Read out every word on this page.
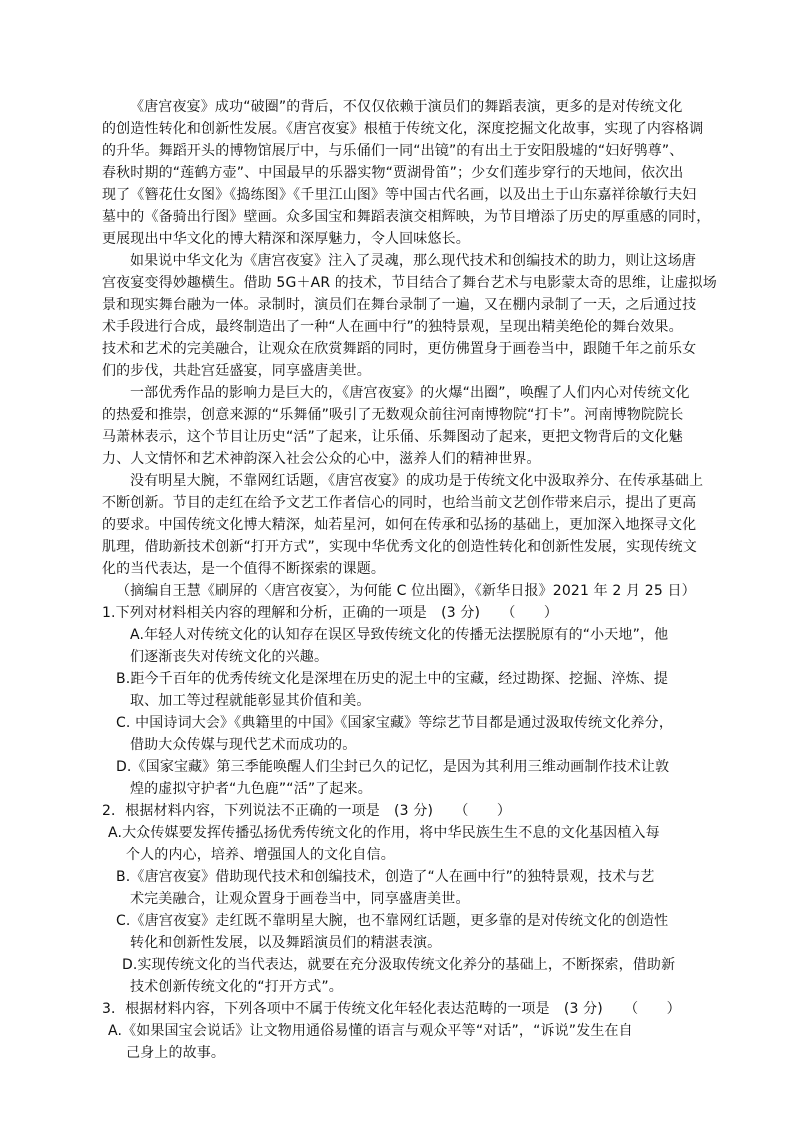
《唐宫夜宴》成功“破圈”的背后，不仅仅依赖于演员们的舞蹈表演，更多的是对传统文化
的创造性转化和创新性发展。《唐宫夜宴》根植于传统文化，深度挖掘文化故事，实现了内容格调
的升华。舞蹈开头的博物馆展厅中，与乐俑们一同“出镜”的有出土于安阳殷墟的“妇好鸮尊”、
春秋时期的“莲鹤方壶”、中国最早的乐器实物“贾湖骨笛”；少女们莲步穿行的天地间，依次出
现了《簪花仕女图》《捣练图》《千里江山图》等中国古代名画，以及出土于山东嘉祥徐敏行夫妇
墓中的《备骑出行图》壁画。众多国宝和舞蹈表演交相辉映，为节目增添了历史的厚重感的同时，
更展现出中华文化的博大精深和深厚魅力，令人回味悠长。
如果说中华文化为《唐宫夜宴》注入了灵魂，那么现代技术和创编技术的助力，则让这场唐
宫夜宴变得妙趣横生。借助 5G＋AR 的技术，节目结合了舞台艺术与电影蒙太奇的思维，让虚拟场
景和现实舞台融为一体。录制时，演员们在舞台录制了一遍，又在棚内录制了一天，之后通过技
术手段进行合成，最终制造出了一种“人在画中行”的独特景观，呈现出精美绝伦的舞台效果。
技术和艺术的完美融合，让观众在欣赏舞蹈的同时，更仿佛置身于画卷当中，跟随千年之前乐女
们的步伐，共赴宫廷盛宴，同享盛唐美世。
一部优秀作品的影响力是巨大的，《唐宫夜宴》的火爆“出圈”，唤醒了人们内心对传统文化
的热爱和推崇，创意来源的“乐舞俑”吸引了无数观众前往河南博物院“打卡”。河南博物院院长
马萧林表示，这个节目让历史“活”了起来，让乐俑、乐舞图动了起来，更把文物背后的文化魅
力、人文情怀和艺术神韵深入社会公众的心中，滋养人们的精神世界。
没有明星大腕，不靠网红话题，《唐宫夜宴》的成功是于传统文化中汲取养分、在传承基础上
不断创新。节目的走红在给予文艺工作者信心的同时，也给当前文艺创作带来启示，提出了更高
的要求。中国传统文化博大精深，灿若星河，如何在传承和弘扬的基础上，更加深入地探寻文化
肌理，借助新技术创新“打开方式”，实现中华优秀文化的创造性转化和创新性发展，实现传统文
化的当代表达，是一个值得不断探索的课题。
（摘编自王慧《刷屏的〈唐宫夜宴〉，为何能 C 位出圈》，《新华日报》2021 年 2 月 25 日）
1.下列对材料相关内容的理解和分析，正确的一项是　(3 分)　　（　　）
A.年轻人对传统文化的认知存在误区导致传统文化的传播无法摆脱原有的“小天地”，他
们逐渐丧失对传统文化的兴趣。
B.距今千百年的优秀传统文化是深埋在历史的泥土中的宝藏，经过勘探、挖掘、淬炼、提
取、加工等过程就能彰显其价值和美。
C. 中国诗词大会》《典籍里的中国》《国家宝藏》等综艺节目都是通过汲取传统文化养分，
借助大众传媒与现代艺术而成功的。
D.《国家宝藏》第三季能唤醒人们尘封已久的记忆，是因为其利用三维动画制作技术让敦
煌的虚拟守护者“九色鹿”“活”了起来。
2．根据材料内容，下列说法不正确的一项是　(3 分)　　（　　）
A.大众传媒要发挥传播弘扬优秀传统文化的作用，将中华民族生生不息的文化基因植入每
个人的内心，培养、增强国人的文化自信。
B.《唐宫夜宴》借助现代技术和创编技术，创造了“人在画中行”的独特景观，技术与艺
术完美融合，让观众置身于画卷当中，同享盛唐美世。
C.《唐宫夜宴》走红既不靠明星大腕，也不靠网红话题，更多靠的是对传统文化的创造性
转化和创新性发展，以及舞蹈演员们的精湛表演。
D.实现传统文化的当代表达，就要在充分汲取传统文化养分的基础上，不断探索，借助新
技术创新传统文化的“打开方式”。
3．根据材料内容，下列各项中不属于传统文化年轻化表达范畴的一项是　(3 分)　　（　　）
A.《如果国宝会说话》让文物用通俗易懂的语言与观众平等“对话”，“诉说”发生在自
己身上的故事。
